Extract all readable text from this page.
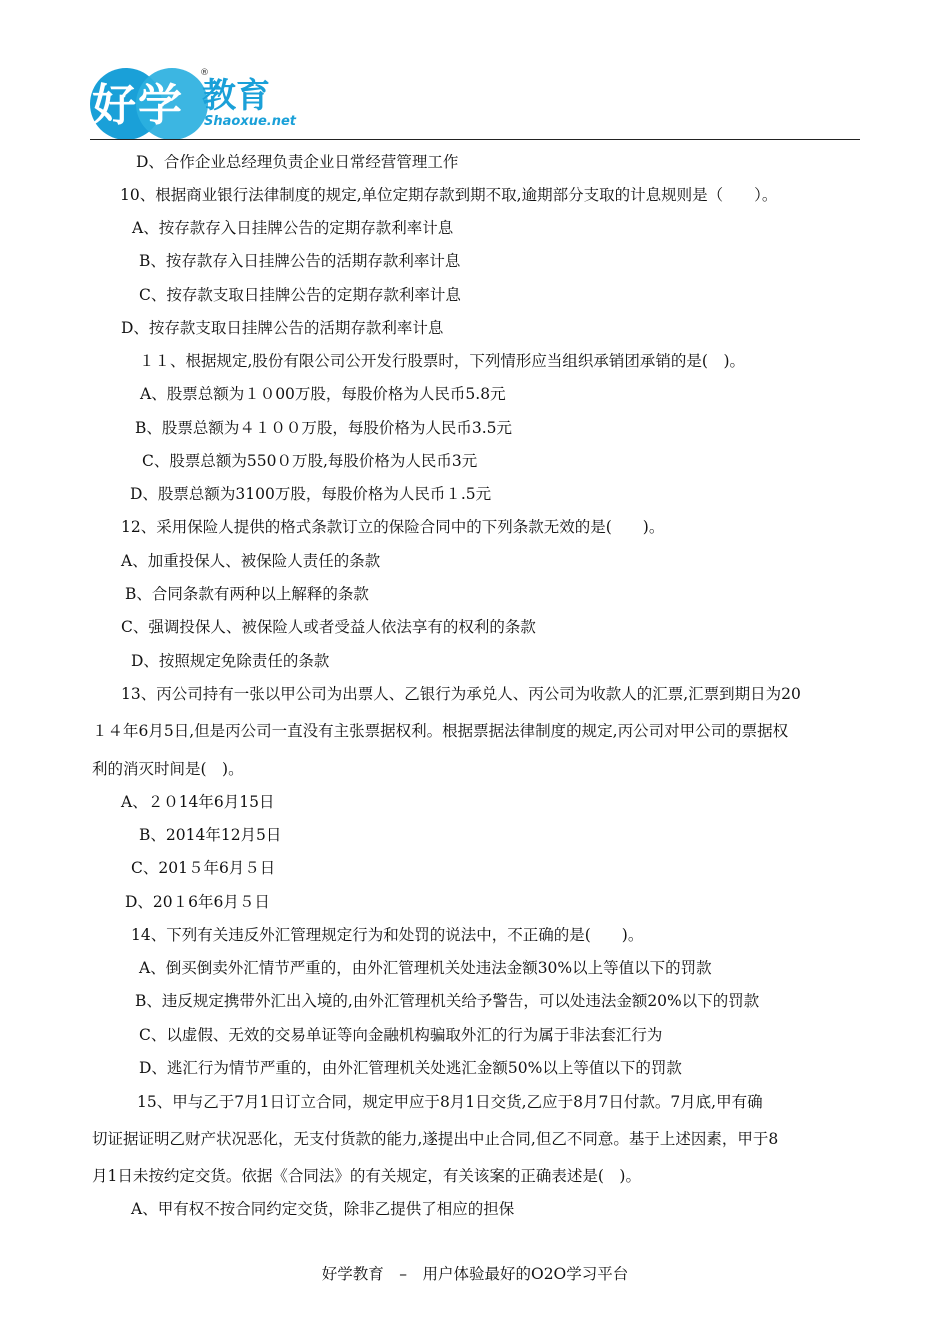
好学
®
教育
Shaoxue.net
D、合作企业总经理负责企业日常经营管理工作
10、根据商业银行法律制度的规定,单位定期存款到期不取,逾期部分支取的计息规则是（　　）。
A、按存款存入日挂牌公告的定期存款利率计息
B、按存款存入日挂牌公告的活期存款利率计息
C、按存款支取日挂牌公告的定期存款利率计息
D、按存款支取日挂牌公告的活期存款利率计息
１１、根据规定,股份有限公司公开发行股票时，下列情形应当组织承销团承销的是(　)。
A、股票总额为１０00万股，每股价格为人民币5.8元
B、股票总额为４１００万股，每股价格为人民币3.5元
C、股票总额为550０万股,每股价格为人民币3元
D、股票总额为3100万股，每股价格为人民币１.5元
12、采用保险人提供的格式条款订立的保险合同中的下列条款无效的是(　　)。
A、加重投保人、被保险人责任的条款
B、合同条款有两种以上解释的条款
C、强调投保人、被保险人或者受益人依法享有的权利的条款
D、按照规定免除责任的条款
13、丙公司持有一张以甲公司为出票人、乙银行为承兑人、丙公司为收款人的汇票,汇票到期日为20
１４年6月5日,但是丙公司一直没有主张票据权利。根据票据法律制度的规定,丙公司对甲公司的票据权
利的消灭时间是(　)。
A、２０14年6月15日
B、2014年12月5日
C、201５年6月５日
D、20１6年6月５日
14、下列有关违反外汇管理规定行为和处罚的说法中，不正确的是(　　)。
A、倒买倒卖外汇情节严重的，由外汇管理机关处违法金额30%以上等值以下的罚款
B、违反规定携带外汇出入境的,由外汇管理机关给予警告，可以处违法金额20%以下的罚款
C、以虚假、无效的交易单证等向金融机构骗取外汇的行为属于非法套汇行为
D、逃汇行为情节严重的，由外汇管理机关处逃汇金额50%以上等值以下的罚款
15、甲与乙于7月1日订立合同，规定甲应于8月1日交货,乙应于8月7日付款。7月底,甲有确
切证据证明乙财产状况恶化，无支付货款的能力,遂提出中止合同,但乙不同意。基于上述因素，甲于8
月1日未按约定交货。依据《合同法》的有关规定，有关该案的正确表述是(　)。
A、甲有权不按合同约定交货，除非乙提供了相应的担保
好学教育　–　用户体验最好的O2O学习平台
